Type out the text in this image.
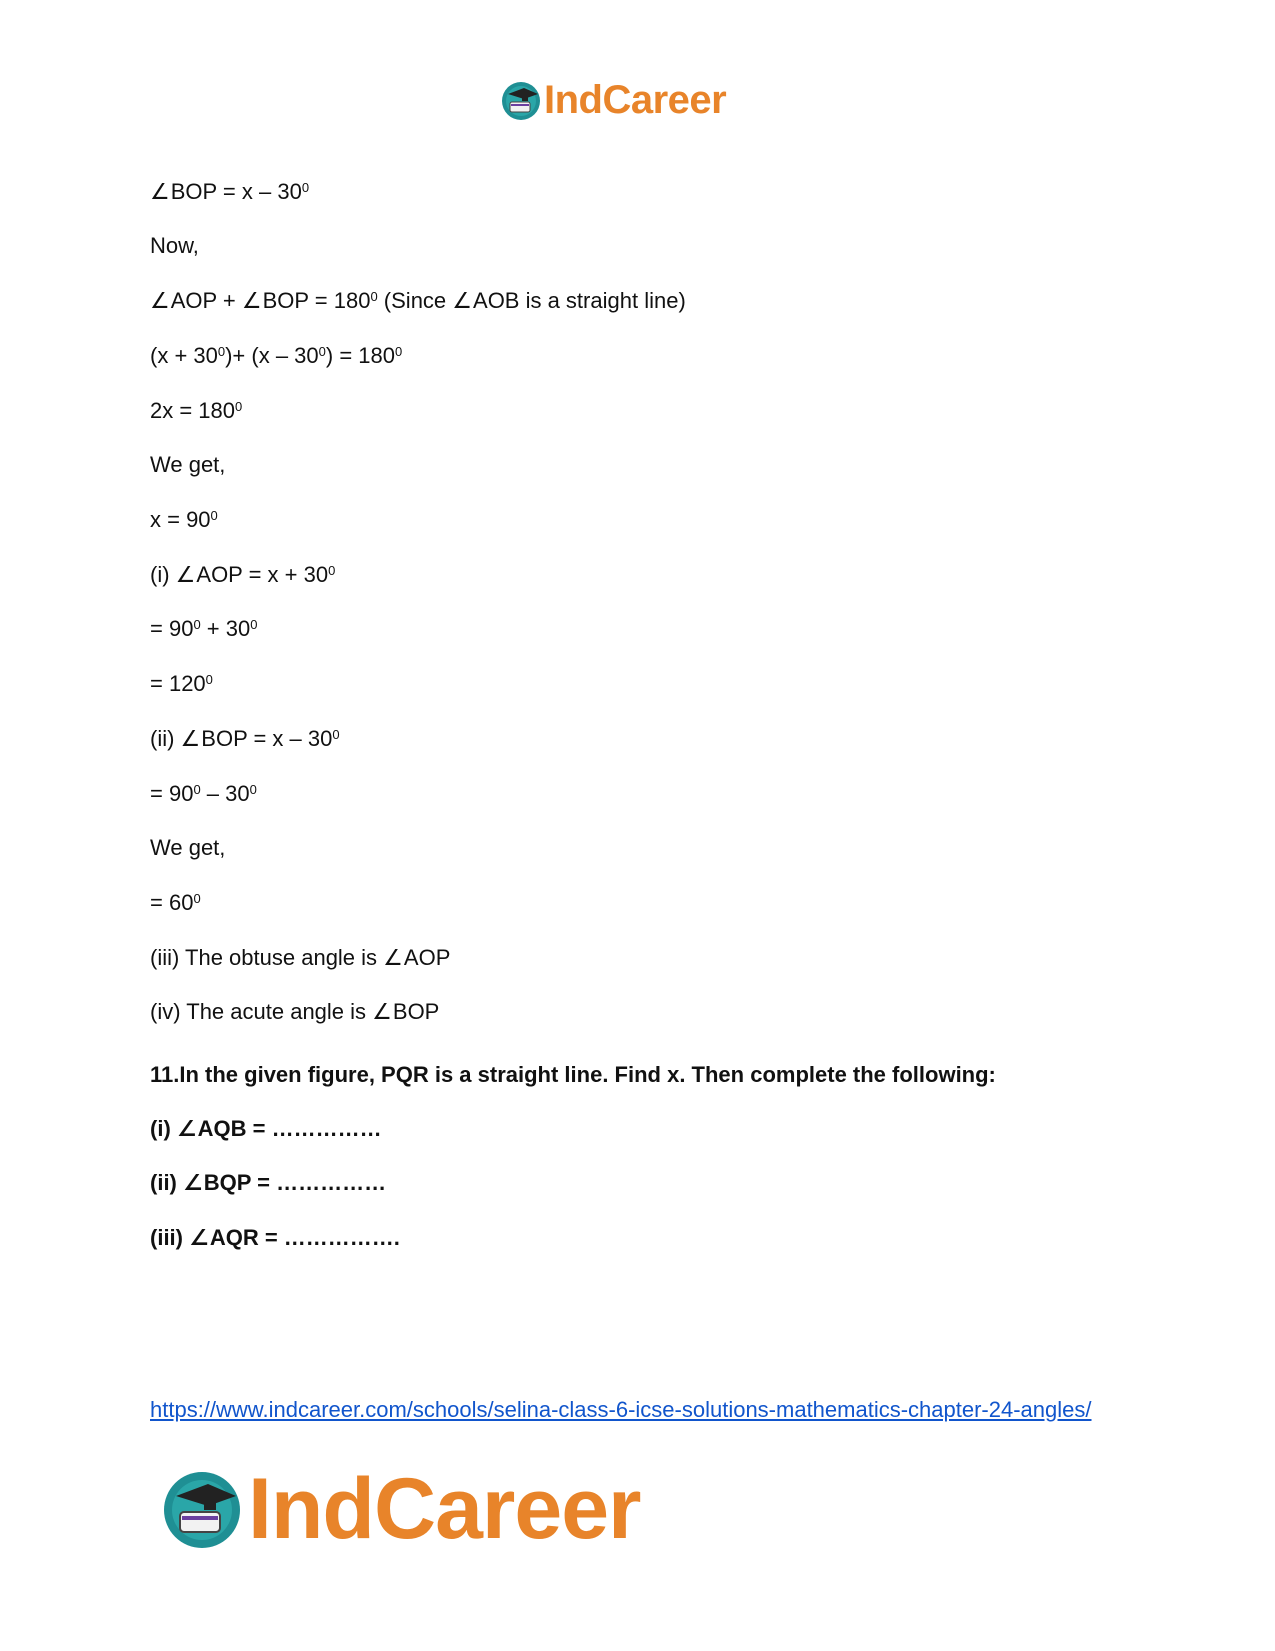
IndCareer
∠BOP = x – $30^0$
Now,
∠AOP + ∠BOP = $180^0$ (Since ∠AOB is a straight line)
$(x + 30^0)+ (x - 30^0) = 180^0$
$2x = 180^0$
We get,
$x = 90^0$
(i) ∠AOP = $x + 30^0$
= $90^0 + 30^0$
= $120^0$
(ii) ∠BOP = x – $30^0$
= $90^0 - 30^0$
We get,
= $60^0$
(iii) The obtuse angle is ∠AOP
(iv) The acute angle is ∠BOP
11.In the given figure, PQR is a straight line. Find x. Then complete the following:
(i) ∠AQB = ……………
(ii) ∠BQP = ……………
(iii) ∠AQR = …………….
https://www.indcareer.com/schools/selina-class-6-icse-solutions-mathematics-chapter-24-angles/
IndCareer
